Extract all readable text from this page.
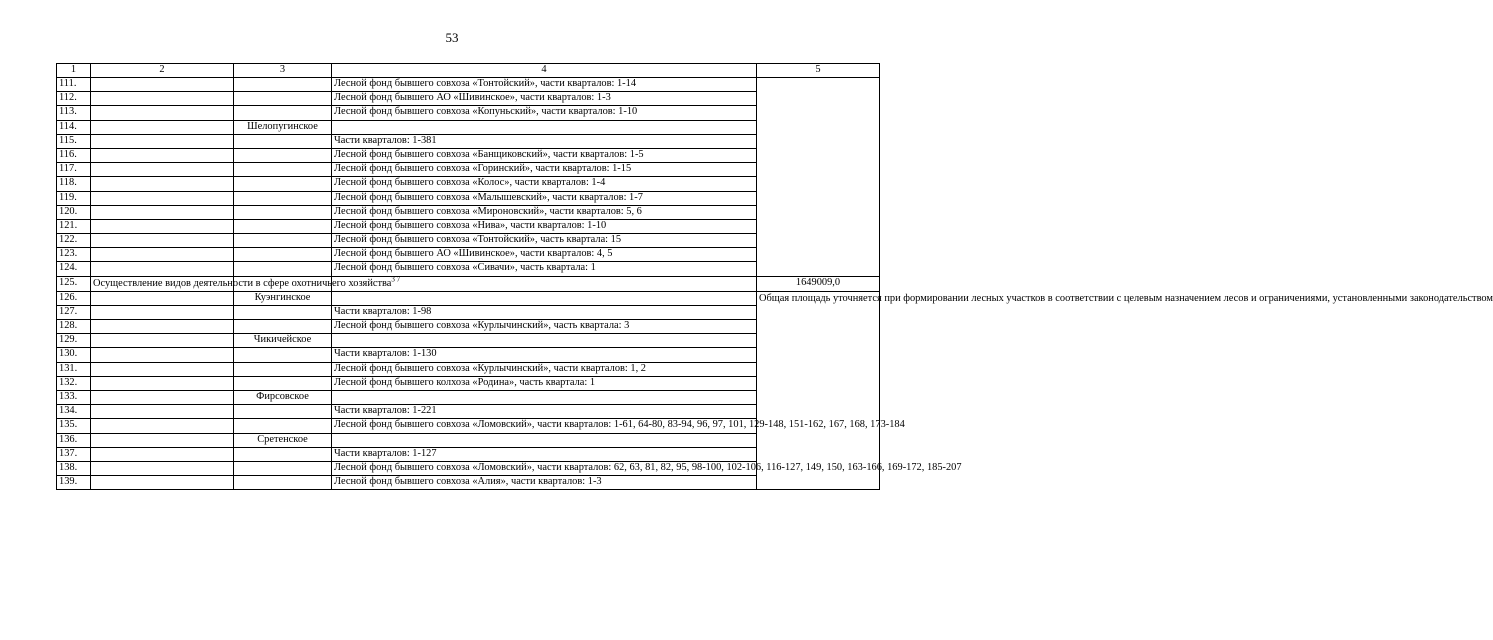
53
1	2	3	4	5
111.			Лесной фонд бывшего совхоза «Тонтойский», части кварталов: 1-14	
112.			Лесной фонд бывшего АО «Шивинское», части кварталов: 1-3	
113.			Лесной фонд бывшего совхоза «Копуньский», части кварталов: 1-10	
114.		Шелопугинское		
115.			Части кварталов: 1-381	
116.			Лесной фонд бывшего совхоза «Банщиковский», части кварталов: 1-5	
117.			Лесной фонд бывшего совхоза «Горинский», части кварталов: 1-15	
118.			Лесной фонд бывшего совхоза «Колос», части кварталов: 1-4	
119.			Лесной фонд бывшего совхоза «Малышевский», части кварталов: 1-7	
120.			Лесной фонд бывшего совхоза «Мироновский», части кварталов: 5, 6	
121.			Лесной фонд бывшего совхоза «Нива», части кварталов: 1-10	
122.			Лесной фонд бывшего совхоза «Тонтойский», часть квартала: 15	
123.			Лесной фонд бывшего АО «Шивинское», части кварталов: 4, 5	
124.			Лесной фонд бывшего совхоза «Сивачи», часть квартала: 1	
125.	Осуществление видов деятельности в сфере охотничьего хозяйства$^{3 7}$			1649009,0
126.		Куэнгинское		Общая площадь уточняется при формировании лесных участков в соответствии с целевым назначением лесов и ограничениями, установленными законодательством
127.			Части кварталов: 1-98	
128.			Лесной фонд бывшего совхоза «Курлычинский», часть квартала: 3	
129.		Чикичейское		
130.			Части кварталов: 1-130	
131.			Лесной фонд бывшего совхоза «Курлычинский», части кварталов: 1, 2	
132.			Лесной фонд бывшего колхоза «Родина», часть квартала: 1	
133.		Фирсовское		
134.			Части кварталов: 1-221	
135.			Лесной фонд бывшего совхоза «Ломовский», части кварталов: 1-61, 64-80, 83-94, 96, 97, 101, 129-148, 151-162, 167, 168, 173-184	
136.		Сретенское		
137.			Части кварталов: 1-127	
138.			Лесной фонд бывшего совхоза «Ломовский», части кварталов: 62, 63, 81, 82, 95, 98-100, 102-106, 116-127, 149, 150, 163-166, 169-172, 185-207	
139.			Лесной фонд бывшего совхоза «Алия», части кварталов: 1-3	
